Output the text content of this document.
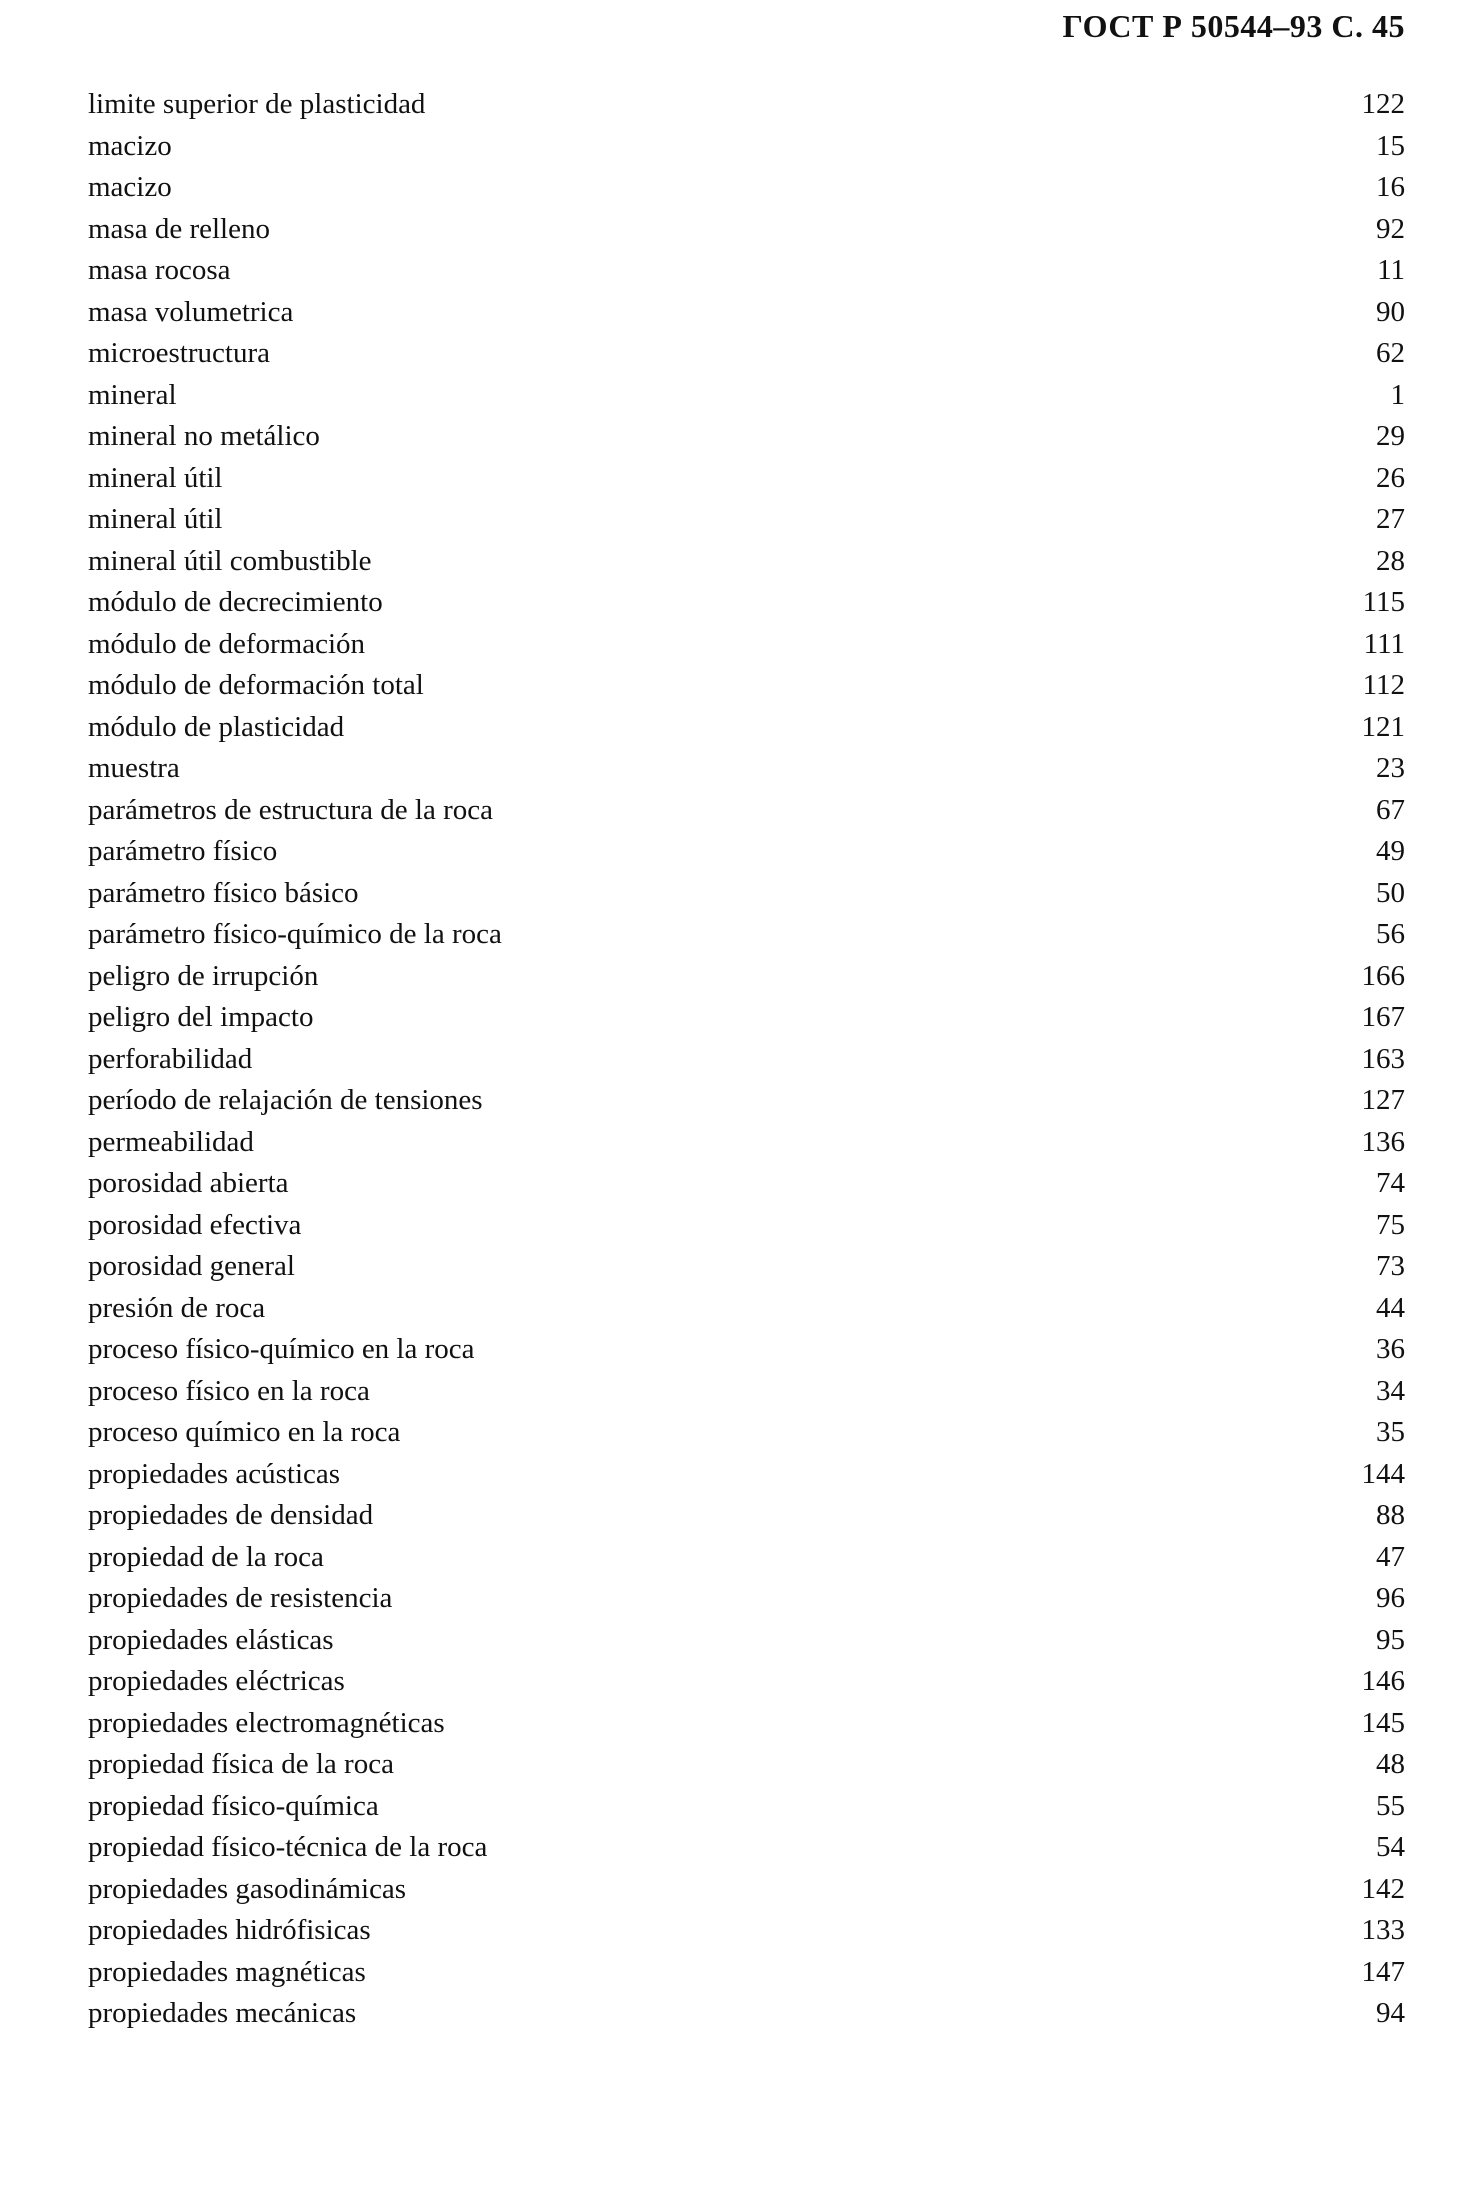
ГОСТ Р 50544–93 С. 45
limite superior de plasticidad	122
macizo	15
macizo	16
masa de relleno	92
masa rocosa	11
masa volumetrica	90
microestructura	62
mineral	1
mineral no metálico	29
mineral útil	26
mineral útil	27
mineral útil combustible	28
módulo de decrecimiento	115
módulo de deformación	111
módulo de deformación total	112
módulo de plasticidad	121
muestra	23
parámetros de estructura de la roca	67
parámetro físico	49
parámetro físico básico	50
parámetro físico-químico de la roca	56
peligro de irrupción	166
peligro del impacto	167
perforabilidad	163
período de relajación de tensiones	127
permeabilidad	136
porosidad abierta	74
porosidad efectiva	75
porosidad general	73
presión de roca	44
proceso físico-químico en la roca	36
proceso físico en la roca	34
proceso químico en la roca	35
propiedades acústicas	144
propiedades de densidad	88
propiedad de la roca	47
propiedades de resistencia	96
propiedades elásticas	95
propiedades eléctricas	146
propiedades electromagnéticas	145
propiedad física de la roca	48
propiedad físico-química	55
propiedad físico-técnica de la roca	54
propiedades gasodinámicas	142
propiedades hidrófisicas	133
propiedades magnéticas	147
propiedades mecánicas	94
